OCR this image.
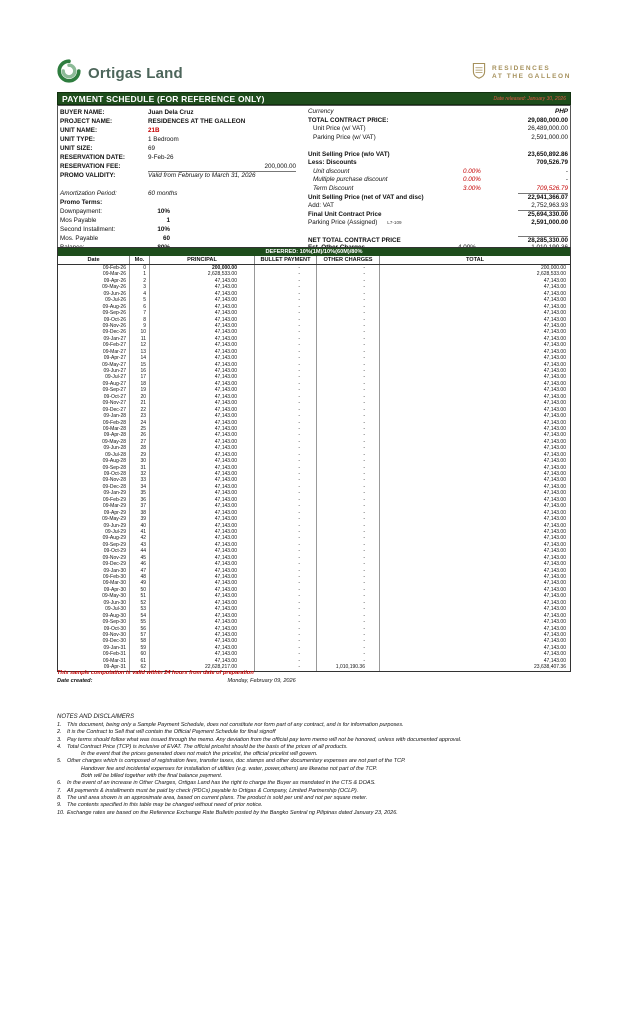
Ortigas Land	RESIDENCES
AT THE GALLEON
PAYMENT SCHEDULE (FOR REFERENCE ONLY)	Date released: January 30, 2026
BUYER NAME:	Juan Dela Cruz
PROJECT NAME:	RESIDENCES AT THE GALLEON
UNIT NAME:	21B
UNIT TYPE:	1 Bedroom
UNIT SIZE:	69
RESERVATION DATE:	9-Feb-26
RESERVATION FEE:	200,000.00
PROMO VALIDITY:	Valid from February to March 31, 2026
Amortization Period:	60 months
Promo Terms:
Downpayment:	10%
Mos Payable	1
Second Installment:	10%
Mos. Payable	60
Currency	PHP
TOTAL CONTRACT PRICE:	29,080,000.00
Unit Price (w/ VAT)	26,489,000.00
Parking Price (w/ VAT)	2,591,000.00
Unit Selling Price (w/o VAT)	23,650,892.86
Less: Discounts	709,526.79
Unit discount	0.00%	-
Multiple purchase discount	0.00%	-
Term Discount	3.00%	709,526.79
Unit Selling Price (net of VAT and disc)	22,941,366.07
Add: VAT	2,752,963.93
Final Unit Contract Price	25,694,330.00
Parking Price (Assigned) L7-109	2,591,000.00
NET TOTAL CONTRACT PRICE	28,285,330.00
DEFERRED: 10%(1M)/10%(60M)/80%
Date	Mo.	PRINCIPAL	BULLET PAYMENT	OTHER CHARGES	TOTAL
09-Feb-26	0	200,000.00	-	-	200,000.00
09-Mar-26	1	2,628,533.00	-	-	2,628,533.00
09-Apr-26	2	47,143.00	-	-	47,143.00
09-May-26	3	47,143.00	-	-	47,143.00
09-Jun-26	4	47,143.00	-	-	47,143.00
09-Jul-26	5	47,143.00	-	-	47,143.00
09-Aug-26	6	47,143.00	-	-	47,143.00
09-Sep-26	7	47,143.00	-	-	47,143.00
09-Oct-26	8	47,143.00	-	-	47,143.00
09-Nov-26	9	47,143.00	-	-	47,143.00
09-Dec-26	10	47,143.00	-	-	47,143.00
09-Jan-27	11	47,143.00	-	-	47,143.00
09-Feb-27	12	47,143.00	-	-	47,143.00
09-Mar-27	13	47,143.00	-	-	47,143.00
09-Apr-27	14	47,143.00	-	-	47,143.00
09-May-27	15	47,143.00	-	-	47,143.00
09-Jun-27	16	47,143.00	-	-	47,143.00
09-Jul-27	17	47,143.00	-	-	47,143.00
09-Aug-27	18	47,143.00	-	-	47,143.00
09-Sep-27	19	47,143.00	-	-	47,143.00
09-Oct-27	20	47,143.00	-	-	47,143.00
09-Nov-27	21	47,143.00	-	-	47,143.00
09-Dec-27	22	47,143.00	-	-	47,143.00
09-Jan-28	23	47,143.00	-	-	47,143.00
09-Feb-28	24	47,143.00	-	-	47,143.00
09-Mar-28	25	47,143.00	-	-	47,143.00
09-Apr-28	26	47,143.00	-	-	47,143.00
09-May-28	27	47,143.00	-	-	47,143.00
09-Jun-28	28	47,143.00	-	-	47,143.00
09-Jul-28	29	47,143.00	-	-	47,143.00
09-Aug-28	30	47,143.00	-	-	47,143.00
09-Sep-28	31	47,143.00	-	-	47,143.00
09-Oct-28	32	47,143.00	-	-	47,143.00
09-Nov-28	33	47,143.00	-	-	47,143.00
09-Dec-28	34	47,143.00	-	-	47,143.00
09-Jan-29	35	47,143.00	-	-	47,143.00
09-Feb-29	36	47,143.00	-	-	47,143.00
09-Mar-29	37	47,143.00	-	-	47,143.00
09-Apr-29	38	47,143.00	-	-	47,143.00
09-May-29	39	47,143.00	-	-	47,143.00
09-Jun-29	40	47,143.00	-	-	47,143.00
09-Jul-29	41	47,143.00	-	-	47,143.00
09-Aug-29	42	47,143.00	-	-	47,143.00
09-Sep-29	43	47,143.00	-	-	47,143.00
09-Oct-29	44	47,143.00	-	-	47,143.00
09-Nov-29	45	47,143.00	-	-	47,143.00
09-Dec-29	46	47,143.00	-	-	47,143.00
09-Jan-30	47	47,143.00	-	-	47,143.00
09-Feb-30	48	47,143.00	-	-	47,143.00
09-Mar-30	49	47,143.00	-	-	47,143.00
09-Apr-30	50	47,143.00	-	-	47,143.00
09-May-30	51	47,143.00	-	-	47,143.00
09-Jun-30	52	47,143.00	-	-	47,143.00
09-Jul-30	53	47,143.00	-	-	47,143.00
09-Aug-30	54	47,143.00	-	-	47,143.00
09-Sep-30	55	47,143.00	-	-	47,143.00
09-Oct-30	56	47,143.00	-	-	47,143.00
09-Nov-30	57	47,143.00	-	-	47,143.00
09-Dec-30	58	47,143.00	-	-	47,143.00
09-Jan-31	59	47,143.00	-	-	47,143.00
09-Feb-31	60	47,143.00	-	-	47,143.00
09-Mar-31	61	47,143.00	-	-	47,143.00
09-Apr-31	62	22,628,217.00	-	1,010,190.36	23,638,407.36
This sample computation is valid within 24 hours from date of preparation
Date created:	Monday, February 09, 2026
NOTES AND DISCLAIMERS
1. This document, being only a Sample Payment Schedule, does not constitute nor form part of any contract, and is for information purposes.
2. It is the Contract to Sell that will contain the Official Payment Schedule for final signoff
3. Pay terms should follow what was issued through the memo. Any deviation from the official pay term memo will not be honored, unless with documented approval.
4. Total Contract Price (TCP) is inclusive of EVAT. The official pricelist should be the basis of the prices of all products.
In the event that the prices generated does not match the pricelist, the official pricelist will govern.
5. Other charges which is composed of registration fees, transfer taxes, doc stamps and other documentary expenses are not part of the TCP.
Handover fee and incidental expenses for installation of utilities (e.g. water, power,others) are likewise not part of the TCP.
Both will be billed together with the final balance payment.
6. In the event of an increase in Other Charges, Ortigas Land has the right to charge the Buyer as mandated in the CTS & DOAS.
7. All payments & installments must be paid by check (PDCs) payable to Ortigas & Company, Limited Partnership (OCLP).
8. The unit area shown is an approximate area, based on current plans. The product is sold per unit and not per square meter.
9. The contents specified in this table may be changed without need of prior notice.
10. Exchange rates are based on the Reference Exchange Rate Bulletin posted by the Bangko Sentral ng Pilipinas dated January 23, 2026.
